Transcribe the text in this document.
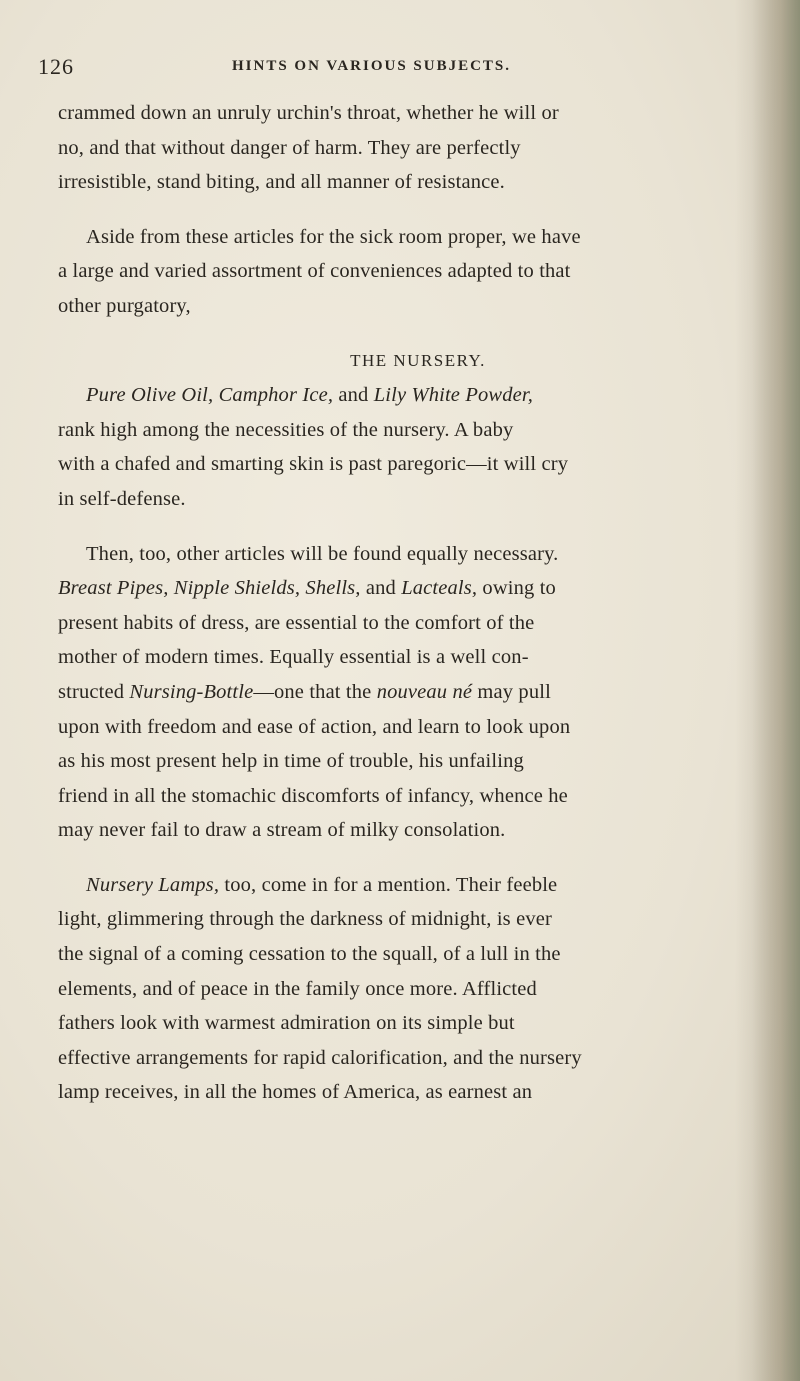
126	HINTS ON VARIOUS SUBJECTS.
crammed down an unruly urchin's throat, whether he will or
no, and that without danger of harm. They are perfectly
irresistible, stand biting, and all manner of resistance.
Aside from these articles for the sick room proper, we have
a large and varied assortment of conveniences adapted to that
other purgatory,
THE NURSERY.
Pure Olive Oil, Camphor Ice, and Lily White Powder,
rank high among the necessities of the nursery. A baby
with a chafed and smarting skin is past paregoric—it will cry
in self-defense.
Then, too, other articles will be found equally necessary.
Breast Pipes, Nipple Shields, Shells, and Lacteals, owing to
present habits of dress, are essential to the comfort of the
mother of modern times. Equally essential is a well con-
structed Nursing-Bottle—one that the nouveau né may pull
upon with freedom and ease of action, and learn to look upon
as his most present help in time of trouble, his unfailing
friend in all the stomachic discomforts of infancy, whence he
may never fail to draw a stream of milky consolation.
Nursery Lamps, too, come in for a mention. Their feeble
light, glimmering through the darkness of midnight, is ever
the signal of a coming cessation to the squall, of a lull in the
elements, and of peace in the family once more. Afflicted
fathers look with warmest admiration on its simple but
effective arrangements for rapid calorification, and the nursery
lamp receives, in all the homes of America, as earnest an
